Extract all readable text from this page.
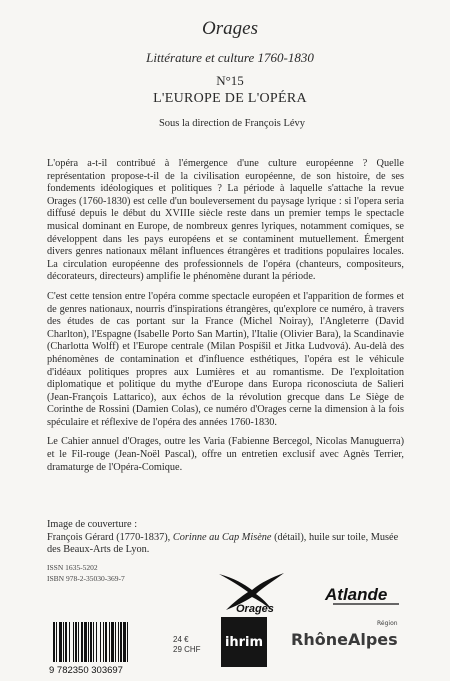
Orages
Littérature et culture 1760-1830
N°15
L'EUROPE DE L'OPÉRA
Sous la direction de François Lévy

L'opéra a-t-il contribué à l'émergence d'une culture européenne ? Quelle représentation propose-t-il de la civilisation européenne, de son histoire, de ses fondements idéologiques et politiques ? La période à laquelle s'attache la revue Orages (1760-1830) est celle d'un bouleversement du paysage lyrique : si l'opera seria diffusé depuis le début du XVIIIe siècle reste dans un premier temps le spectacle musical dominant en Europe, de nombreux genres lyriques, notamment comiques, se développent dans les pays européens et se contaminent mutuellement. Émergent divers genres nationaux mêlant influences étrangères et traditions populaires locales. La circulation européenne des professionnels de l'opéra (chanteurs, compositeurs, décorateurs, directeurs) amplifie le phénomène durant la période.

C'est cette tension entre l'opéra comme spectacle européen et l'apparition de formes et de genres nationaux, nourris d'inspirations étrangères, qu'explore ce numéro, à travers des études de cas portant sur la France (Michel Noiray), l'Angleterre (David Charlton), l'Espagne (Isabelle Porto San Martin), l'Italie (Olivier Bara), la Scandinavie (Charlotta Wolff) et l'Europe centrale (Milan Pospíšil et Jitka Ludvová). Au-delà des phénomènes de contamination et d'influence esthétiques, l'opéra est le véhicule d'idéaux politiques propres aux Lumières et au romantisme. De l'exploitation diplomatique et politique du mythe d'Europe dans Europa riconosciuta de Salieri (Jean-François Lattarico), aux échos de la révolution grecque dans Le Siège de Corinthe de Rossini (Damien Colas), ce numéro d'Orages cerne la dimension à la fois spéculaire et réflexive de l'opéra des années 1760-1830.

Le Cahier annuel d'Orages, outre les Varia (Fabienne Bercegol, Nicolas Manuguerra) et le Fil-rouge (Jean-Noël Pascal), offre un entretien exclusif avec Agnès Terrier, dramaturge de l'Opéra-Comique.

Image de couverture :
François Gérard (1770-1837), Corinne au Cap Misène (détail), huile sur toile, Musée des Beaux-Arts de Lyon.
ISSN 1635-5202
ISBN 978-2-35030-369-7
Orages
Atlande
9 782350 303697
24 €
29 CHF ihrim
Région
RhôneAlpes
